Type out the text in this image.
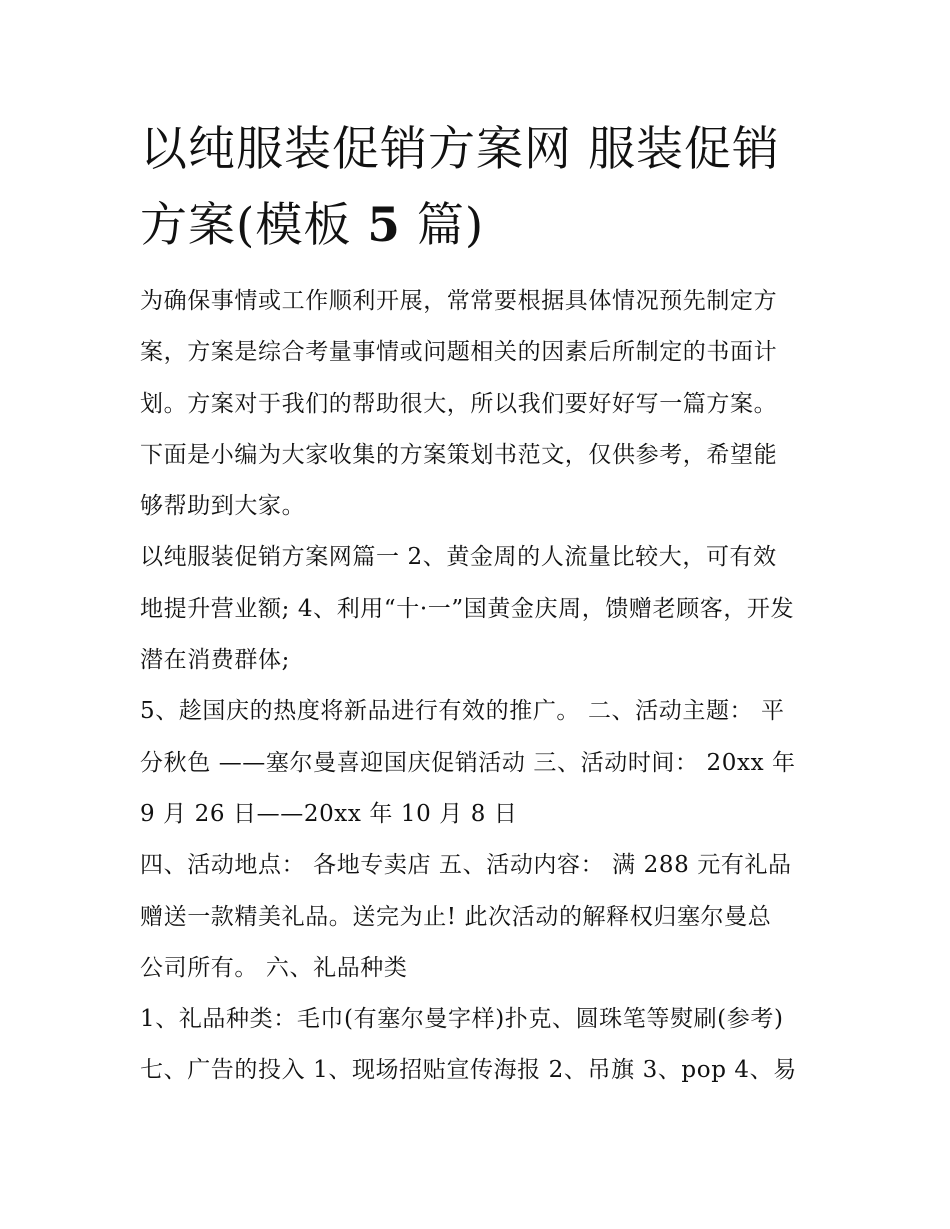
以纯服装促销方案网 服装促销
方案(模板 5 篇)

为确保事情或工作顺利开展，常常要根据具体情况预先制定方

案，方案是综合考量事情或问题相关的因素后所制定的书面计

划。方案对于我们的帮助很大，所以我们要好好写一篇方案。

下面是小编为大家收集的方案策划书范文，仅供参考，希望能

够帮助到大家。

以纯服装促销方案网篇一 2、黄金周的人流量比较大，可有效

地提升营业额; 4、利用“十·一”国黄金庆周，馈赠老顾客，开发

潜在消费群体;

5、趁国庆的热度将新品进行有效的推广。 二、活动主题： 平

分秋色 ——塞尔曼喜迎国庆促销活动 三、活动时间： 20xx 年

9 月 26 日——20xx 年 10 月 8 日

四、活动地点： 各地专卖店 五、活动内容： 满 288 元有礼品

赠送一款精美礼品。送完为止! 此次活动的解释权归塞尔曼总

公司所有。 六、礼品种类

1、礼品种类：毛巾(有塞尔曼字样)扑克、圆珠笔等熨刷(参考)

七、广告的投入 1、现场招贴宣传海报 2、吊旗 3、pop 4、易
